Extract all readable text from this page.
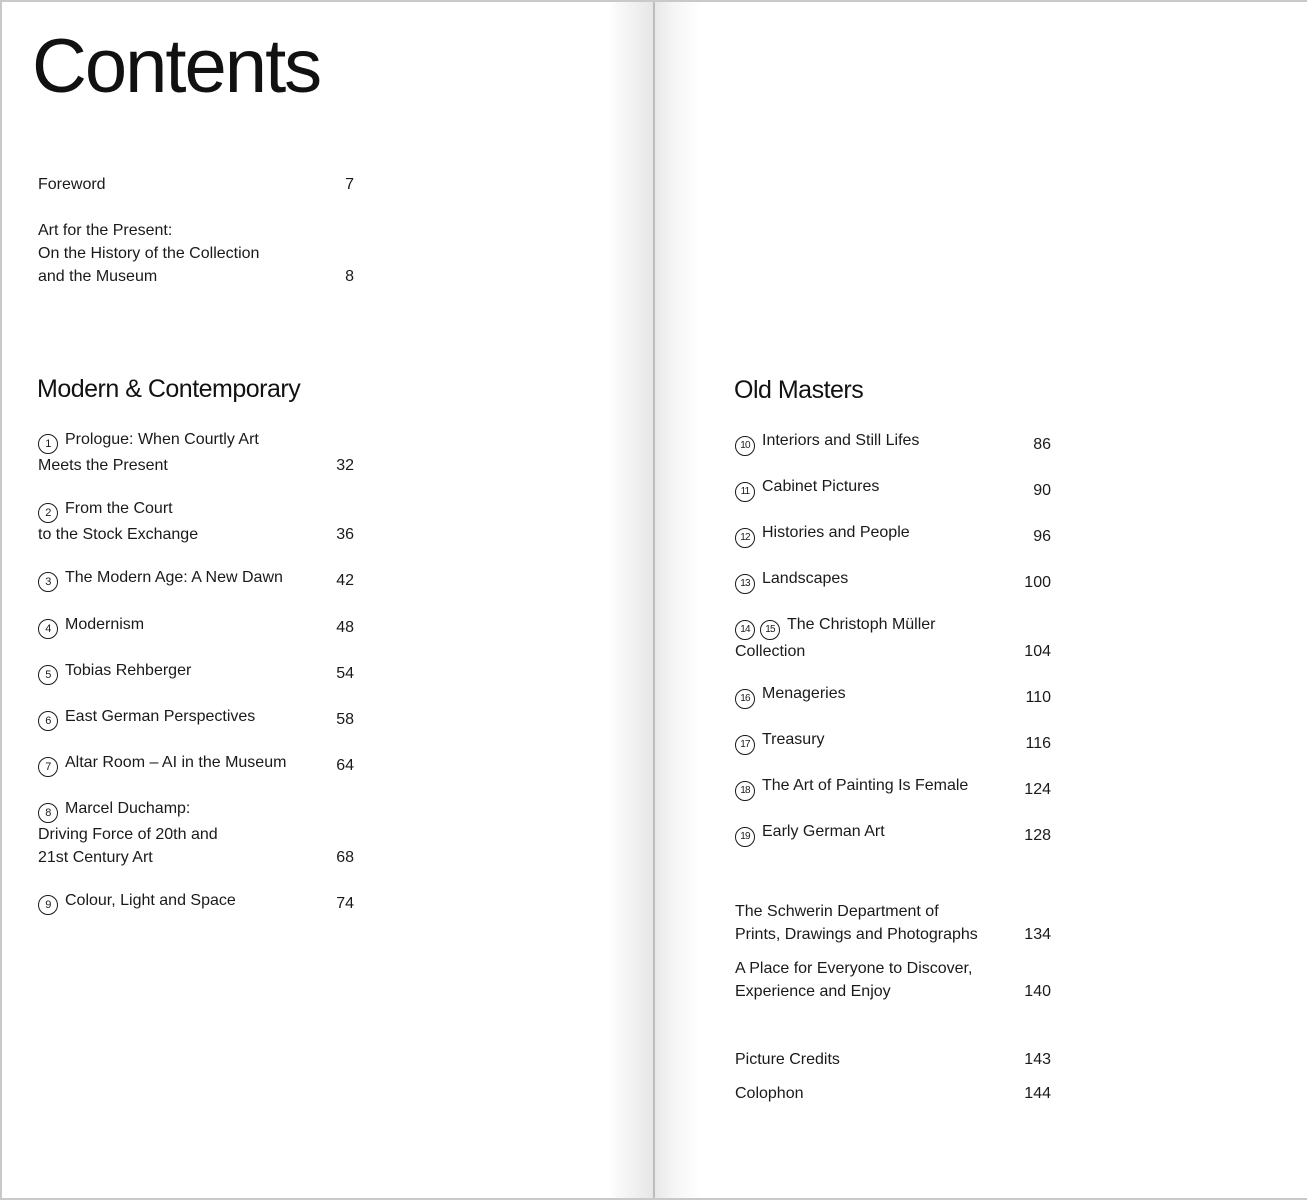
Contents
Foreword	7
Art for the Present:
On the History of the Collection
and the Museum	8
Modern & Contemporary
1 Prologue: When Courtly Art
Meets the Present	32
2 From the Court
to the Stock Exchange	36
3 The Modern Age: A New Dawn	42
4 Modernism	48
5 Tobias Rehberger	54
6 East German Perspectives	58
7 Altar Room – AI in the Museum	64
8 Marcel Duchamp:
Driving Force of 20th and
21st Century Art	68
9 Colour, Light and Space	74
Old Masters
10 Interiors and Still Lifes	86
11 Cabinet Pictures	90
12 Histories and People	96
13 Landscapes	100
14 15 The Christoph Müller
Collection	104
16 Menageries	110
17 Treasury	116
18 The Art of Painting Is Female	124
19 Early German Art	128
The Schwerin Department of
Prints, Drawings and Photographs	134
A Place for Everyone to Discover,
Experience and Enjoy	140
Picture Credits	143
Colophon	144
